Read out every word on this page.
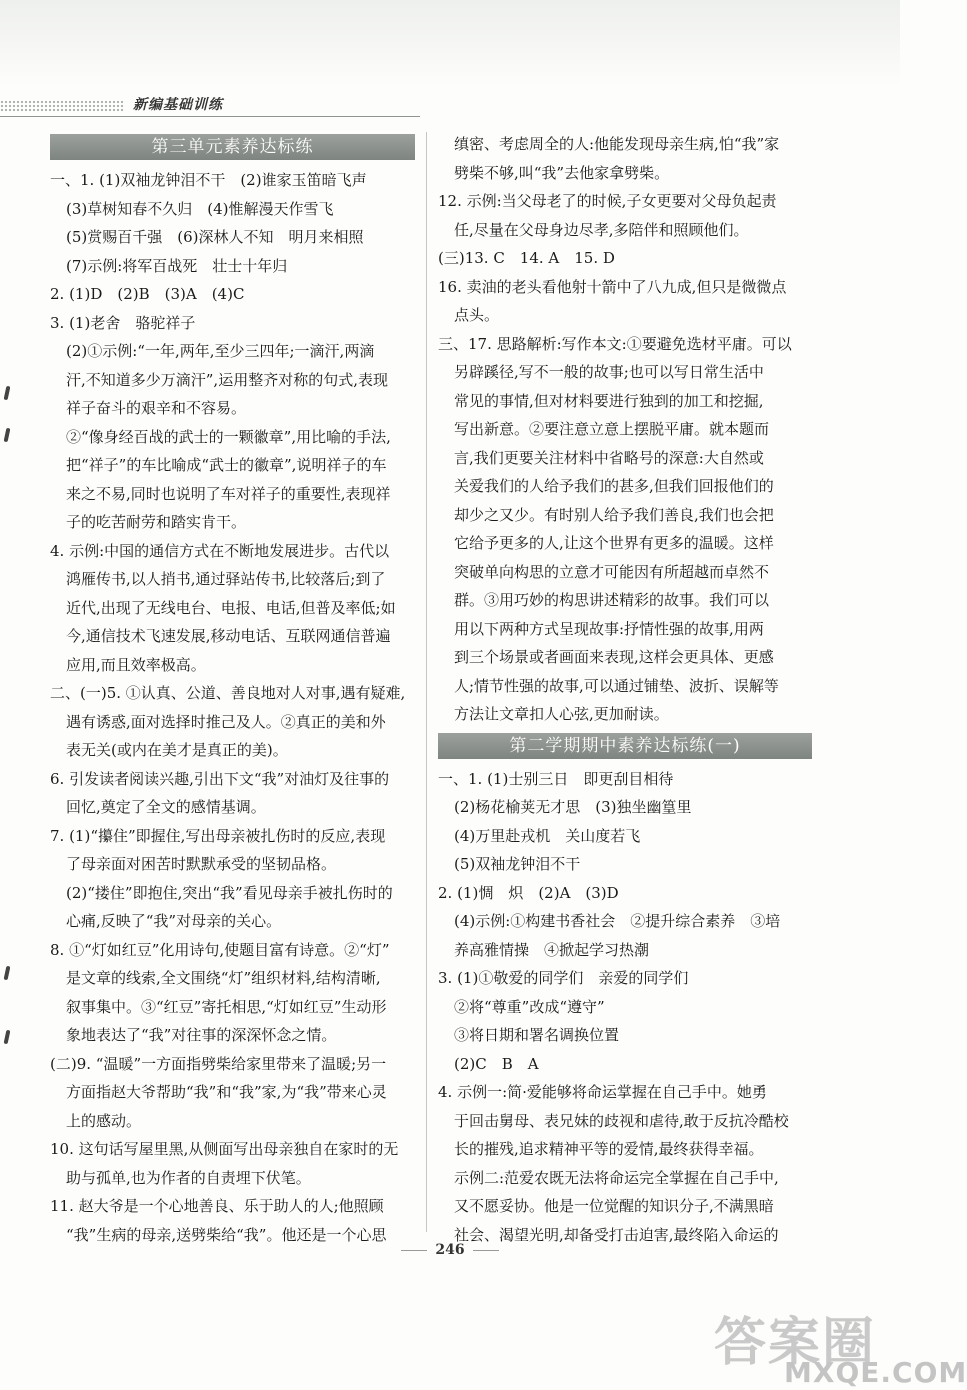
新编基础训练
第三单元素养达标练
一、1. (1)双袖龙钟泪不干　(2)谁家玉笛暗飞声
(3)草树知春不久归　(4)惟解漫天作雪飞
(5)赏赐百千强　(6)深林人不知　明月来相照
(7)示例:将军百战死　壮士十年归
2. (1)D　(2)B　(3)A　(4)C
3. (1)老舍　骆驼祥子
(2)①示例:“一年,两年,至少三四年;一滴汗,两滴
汗,不知道多少万滴汗”,运用整齐对称的句式,表现
祥子奋斗的艰辛和不容易。
②“像身经百战的武士的一颗徽章”,用比喻的手法,
把“祥子”的车比喻成“武士的徽章”,说明祥子的车
来之不易,同时也说明了车对祥子的重要性,表现祥
子的吃苦耐劳和踏实肯干。
4. 示例:中国的通信方式在不断地发展进步。古代以
鸿雁传书,以人捎书,通过驿站传书,比较落后;到了
近代,出现了无线电台、电报、电话,但普及率低;如
今,通信技术飞速发展,移动电话、互联网通信普遍
应用,而且效率极高。
二、(一)5. ①认真、公道、善良地对人对事,遇有疑难,
遇有诱惑,面对选择时推己及人。②真正的美和外
表无关(或内在美才是真正的美)。
6. 引发读者阅读兴趣,引出下文“我”对油灯及往事的
回忆,奠定了全文的感情基调。
7. (1)“攥住”即握住,写出母亲被扎伤时的反应,表现
了母亲面对困苦时默默承受的坚韧品格。
(2)“搂住”即抱住,突出“我”看见母亲手被扎伤时的
心痛,反映了“我”对母亲的关心。
8. ①“灯如红豆”化用诗句,使题目富有诗意。②“灯”
是文章的线索,全文围绕“灯”组织材料,结构清晰,
叙事集中。③“红豆”寄托相思,“灯如红豆”生动形
象地表达了“我”对往事的深深怀念之情。
(二)9. “温暖”一方面指劈柴给家里带来了温暖;另一
方面指赵大爷帮助“我”和“我”家,为“我”带来心灵
上的感动。
10. 这句话写屋里黑,从侧面写出母亲独自在家时的无
助与孤单,也为作者的自责埋下伏笔。
11. 赵大爷是一个心地善良、乐于助人的人;他照顾
“我”生病的母亲,送劈柴给“我”。他还是一个心思
缜密、考虑周全的人:他能发现母亲生病,怕“我”家
劈柴不够,叫“我”去他家拿劈柴。
12. 示例:当父母老了的时候,子女更要对父母负起责
任,尽量在父母身边尽孝,多陪伴和照顾他们。
(三)13. C　14. A　15. D
16. 卖油的老头看他射十箭中了八九成,但只是微微点
点头。
三、17. 思路解析:写作本文:①要避免选材平庸。可以
另辟蹊径,写不一般的故事;也可以写日常生活中
常见的事情,但对材料要进行独到的加工和挖掘,
写出新意。②要注意立意上摆脱平庸。就本题而
言,我们更要关注材料中省略号的深意:大自然或
关爱我们的人给予我们的甚多,但我们回报他们的
却少之又少。有时别人给予我们善良,我们也会把
它给予更多的人,让这个世界有更多的温暖。这样
突破单向构思的立意才可能因有所超越而卓然不
群。③用巧妙的构思讲述精彩的故事。我们可以
用以下两种方式呈现故事:抒情性强的故事,用两
到三个场景或者画面来表现,这样会更具体、更感
人;情节性强的故事,可以通过铺垫、波折、误解等
方法让文章扣人心弦,更加耐读。
第二学期期中素养达标练(一)
一、1. (1)士别三日　即更刮目相待
(2)杨花榆荚无才思　(3)独坐幽篁里
(4)万里赴戎机　关山度若飞
(5)双袖龙钟泪不干
2. (1)惆　炽　(2)A　(3)D
(4)示例:①构建书香社会　②提升综合素养　③培
养高雅情操　④掀起学习热潮
3. (1)①敬爱的同学们　亲爱的同学们
②将“尊重”改成“遵守”
③将日期和署名调换位置
(2)C　B　A
4. 示例一:简·爱能够将命运掌握在自己手中。她勇
于回击舅母、表兄妹的歧视和虐待,敢于反抗冷酷校
长的摧残,追求精神平等的爱情,最终获得幸福。
示例二:范爱农既无法将命运完全掌握在自己手中,
又不愿妥协。他是一位觉醒的知识分子,不满黑暗
社会、渴望光明,却备受打击迫害,最终陷入命运的
246
答案圈
MXQE.COM
